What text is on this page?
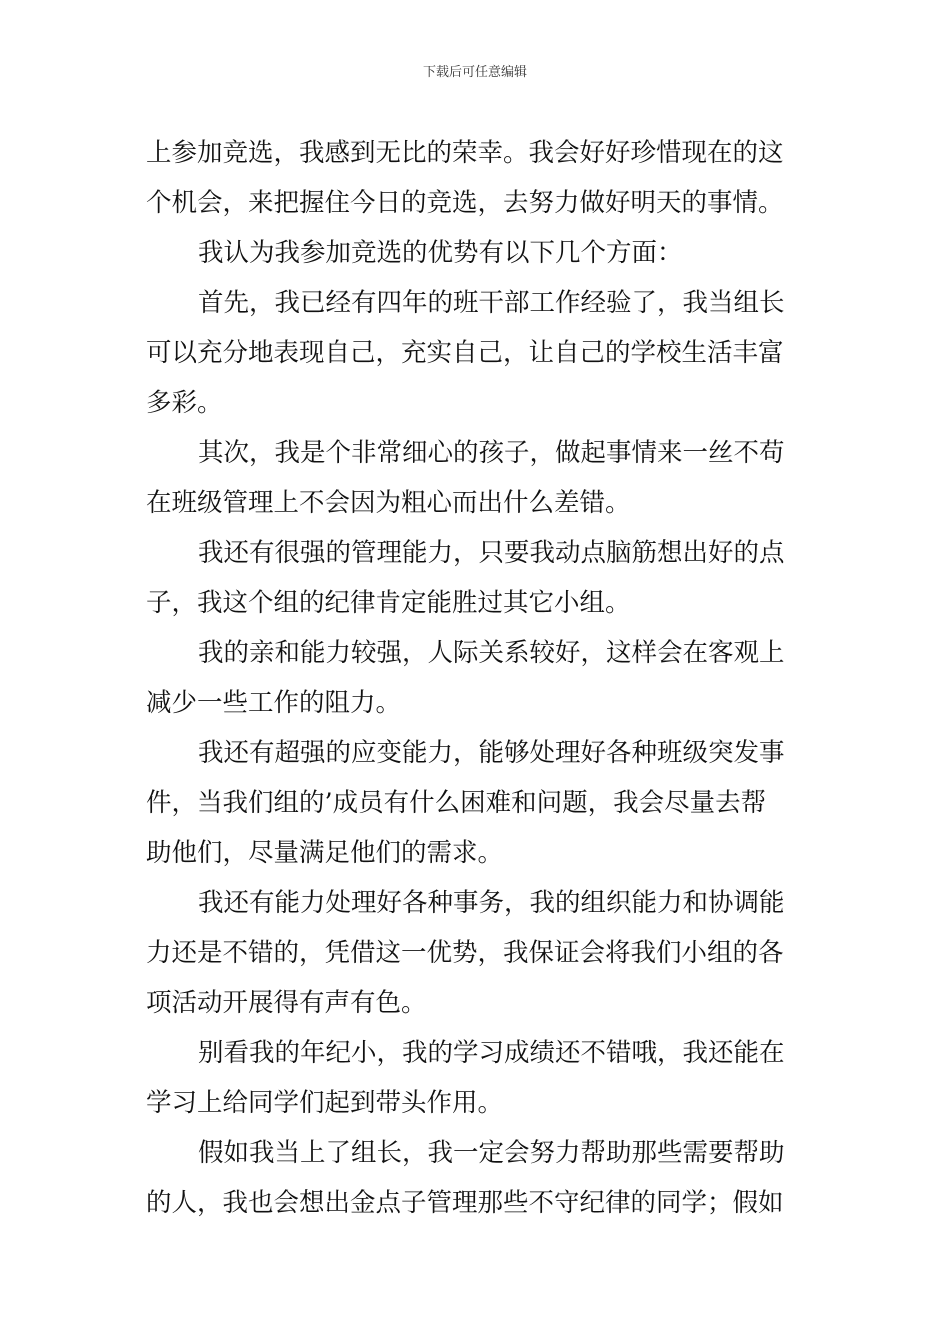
下载后可任意编辑
上参加竞选，我感到无比的荣幸。我会好好珍惜现在的这
个机会，来把握住今日的竞选，去努力做好明天的事情。
我认为我参加竞选的优势有以下几个方面：
首先，我已经有四年的班干部工作经验了，我当组长
可以充分地表现自己，充实自己，让自己的学校生活丰富
多彩。
其次，我是个非常细心的孩子，做起事情来一丝不苟
在班级管理上不会因为粗心而出什么差错。
我还有很强的管理能力，只要我动点脑筋想出好的点
子，我这个组的纪律肯定能胜过其它小组。
我的亲和能力较强，人际关系较好，这样会在客观上
减少一些工作的阻力。
我还有超强的应变能力，能够处理好各种班级突发事
件，当我们组的’成员有什么困难和问题，我会尽量去帮
助他们，尽量满足他们的需求。
我还有能力处理好各种事务，我的组织能力和协调能
力还是不错的，凭借这一优势，我保证会将我们小组的各
项活动开展得有声有色。
别看我的年纪小，我的学习成绩还不错哦，我还能在
学习上给同学们起到带头作用。
假如我当上了组长，我一定会努力帮助那些需要帮助
的人，我也会想出金点子管理那些不守纪律的同学；假如
